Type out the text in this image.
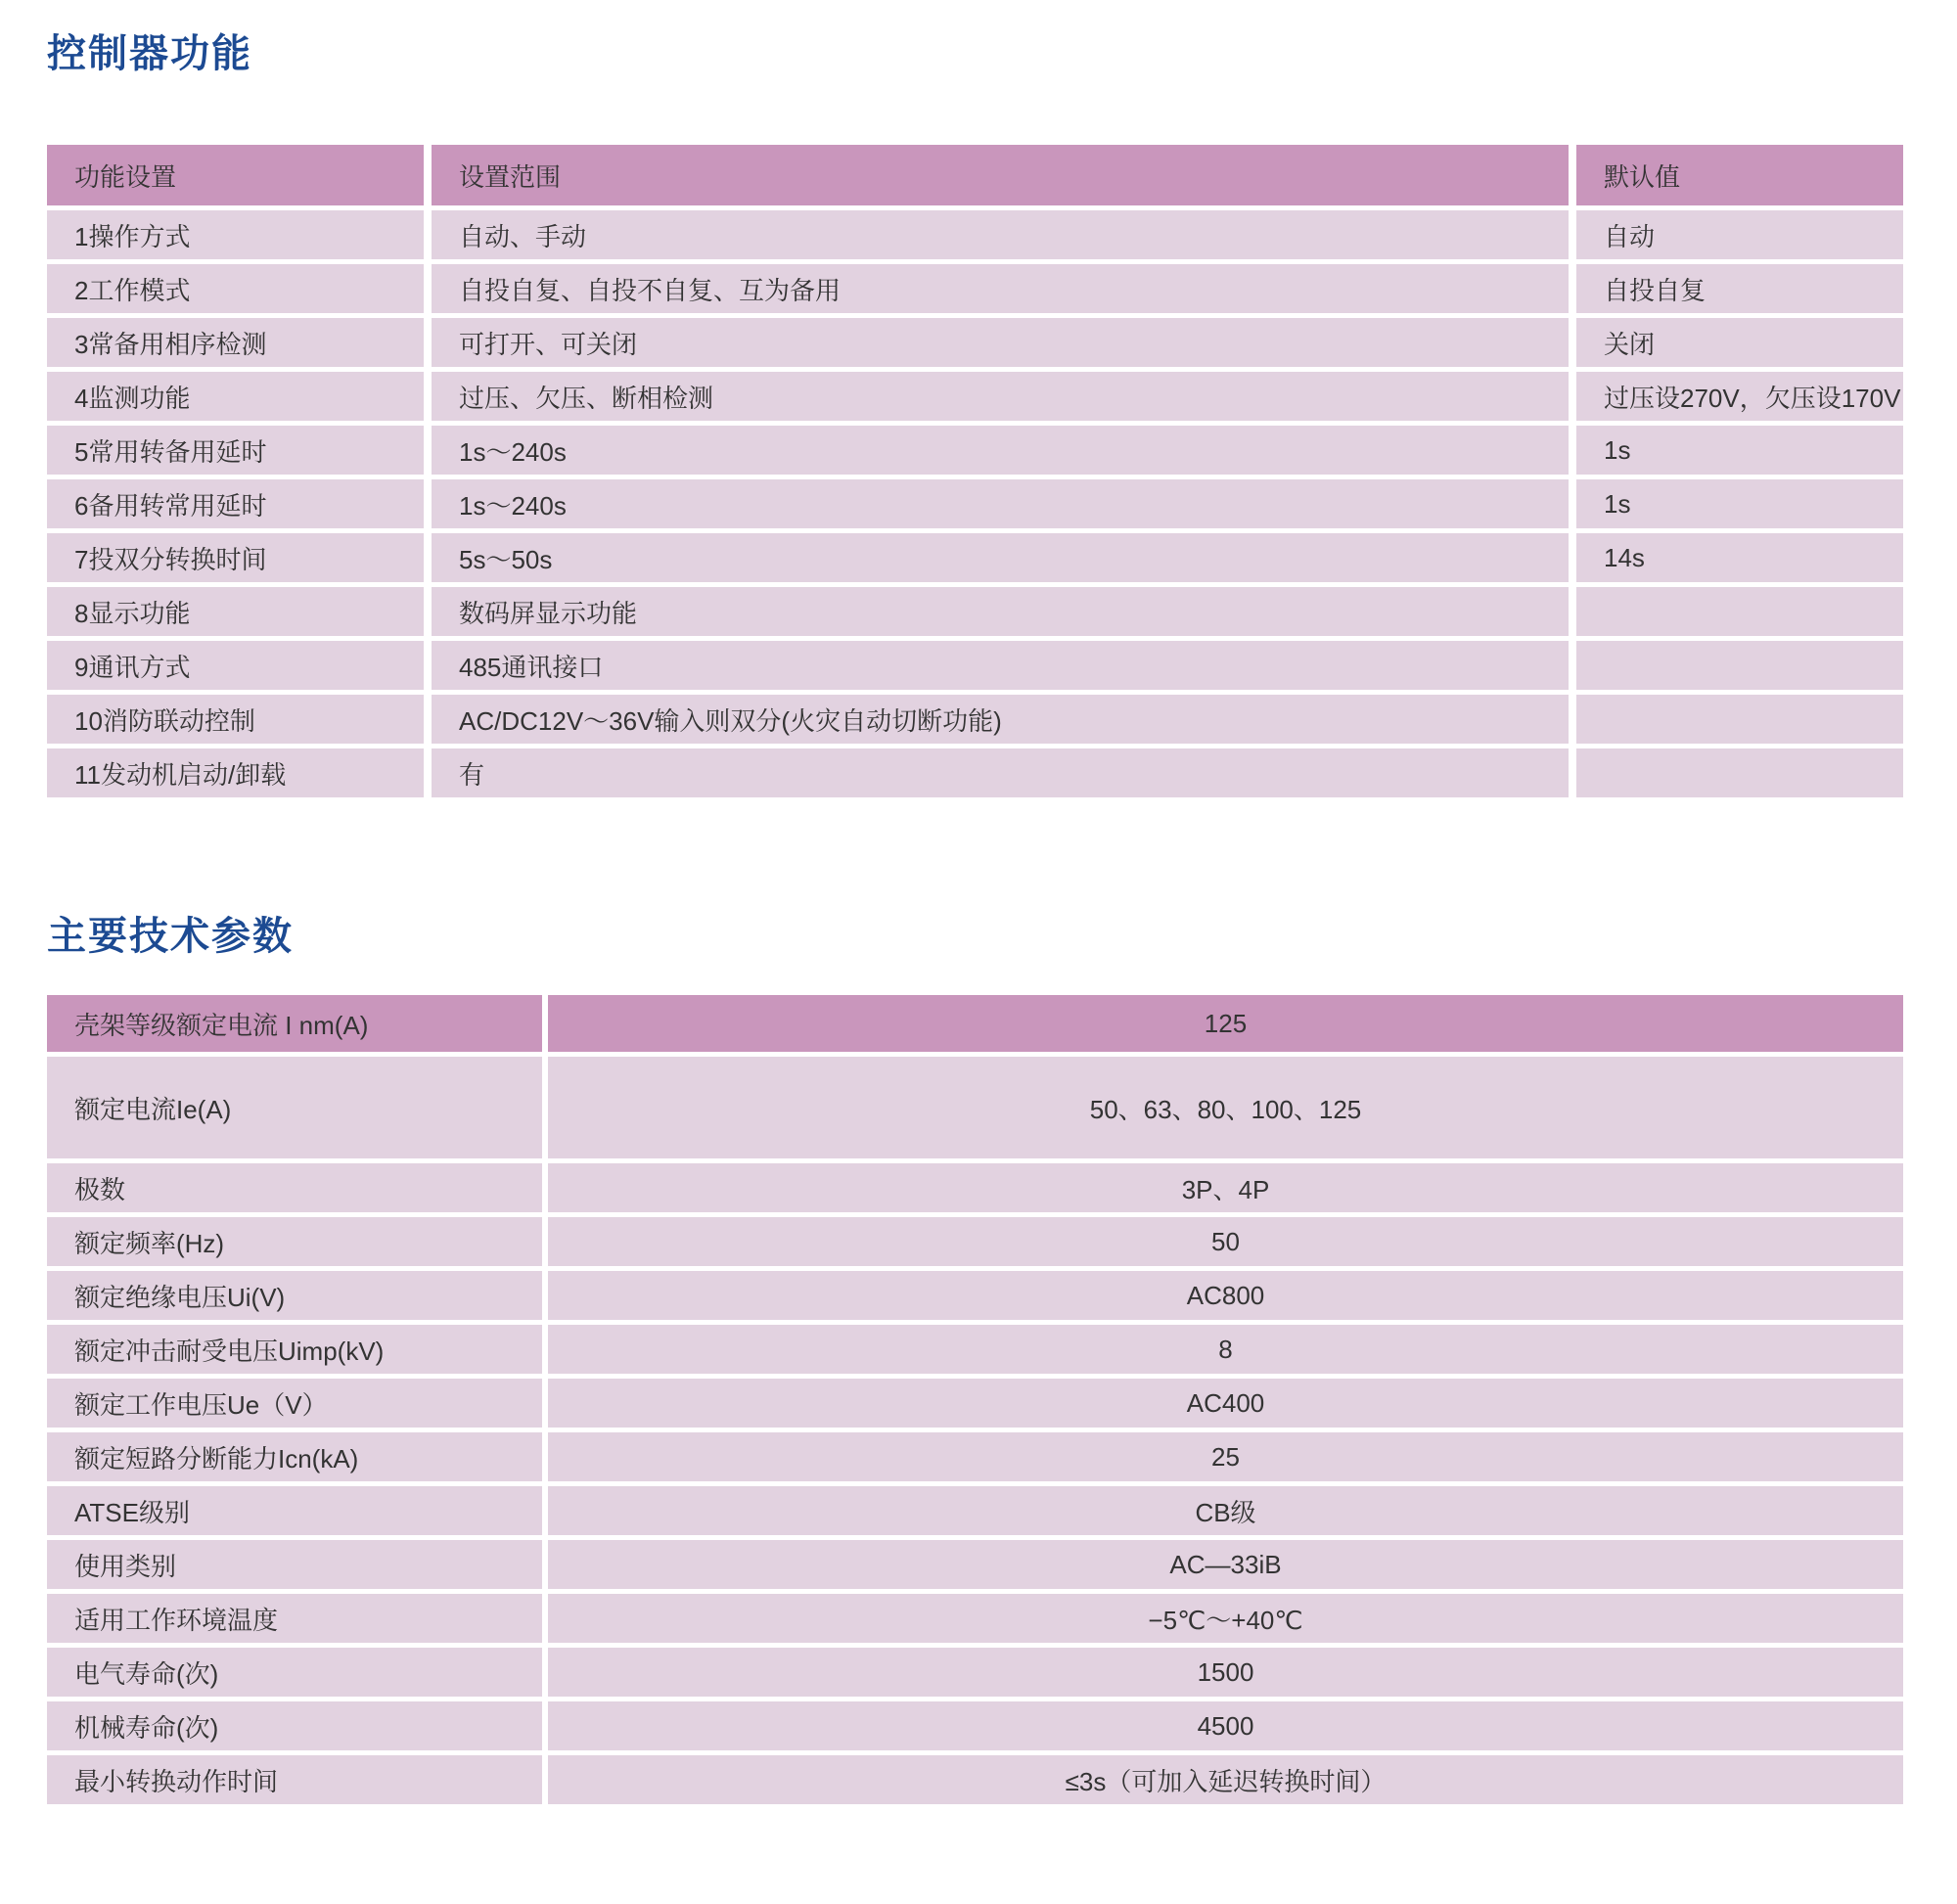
控制器功能
功能设置	设置范围	默认值
1操作方式	自动、手动	自动
2工作模式	自投自复、自投不自复、互为备用	自投自复
3常备用相序检测	可打开、可关闭	关闭
4监测功能	过压、欠压、断相检测	过压设270V，欠压设170V
5常用转备用延时	1s～240s	1s
6备用转常用延时	1s～240s	1s
7投双分转换时间	5s～50s	14s
8显示功能	数码屏显示功能
9通讯方式	485通讯接口
10消防联动控制	AC/DC12V～36V输入则双分(火灾自动切断功能)
11发动机启动/卸载	有
主要技术参数
壳架等级额定电流 I nm(A)	125
额定电流Ie(A)	50、63、80、100、125
极数	3P、4P
额定频率(Hz)	50
额定绝缘电压Ui(V)	AC800
额定冲击耐受电压Uimp(kV)	8
额定工作电压Ue（V）	AC400
额定短路分断能力Icn(kA)	25
ATSE级别	CB级
使用类别	AC—33iB
适用工作环境温度	−5℃～+40℃
电气寿命(次)	1500
机械寿命(次)	4500
最小转换动作时间	≤3s（可加入延迟转换时间）
